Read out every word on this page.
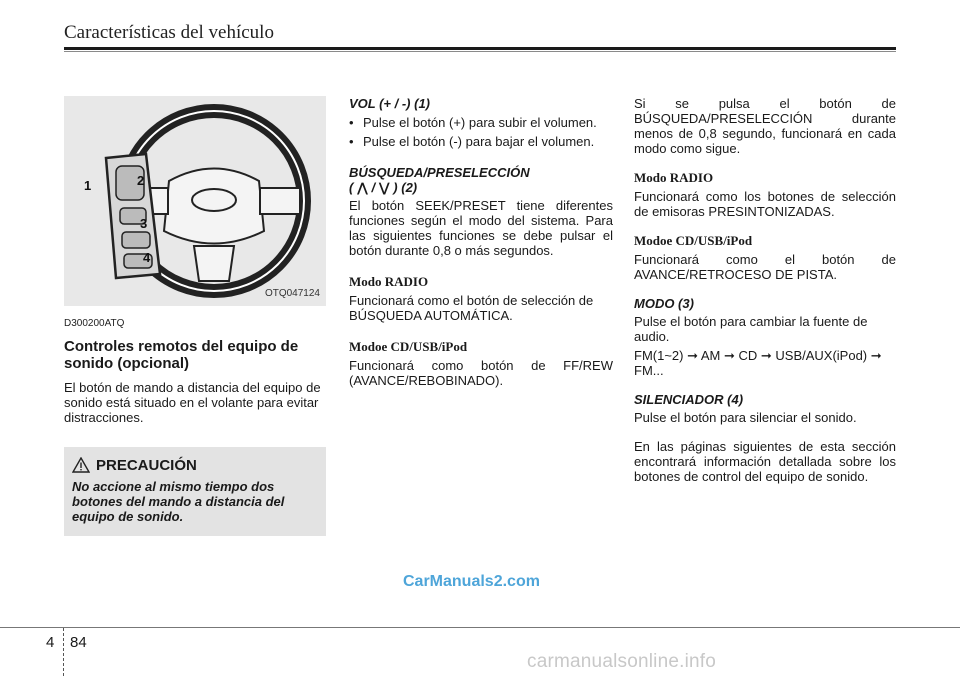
Características del vehículo
1	2
3
4
OTQ047124
D300200ATQ
Controles remotos del equipo de sonido (opcional)
El botón de mando a distancia del equipo de sonido está situado en el volante para evitar distracciones.
PRECAUCIÓN
No accione al mismo tiempo dos botones del mando a distancia del equipo de sonido.
VOL (+ / -) (1)
• Pulse el botón (+) para subir el volumen.
• Pulse el botón (-) para bajar el volumen.
BÚSQUEDA/PRESELECCIÓN
( ⋀ / ⋁ ) (2)
El botón SEEK/PRESET tiene diferentes funciones según el modo del sistema. Para las siguientes funciones se debe pulsar el botón durante 0,8 o más segundos.
Modo RADIO
Funcionará como el botón de selección de BÚSQUEDA AUTOMÁTICA.
Modoe CD/USB/iPod
Funcionará como botón de FF/REW (AVANCE/REBOBINADO).
Si se pulsa el botón de BÚSQUEDA/PRESELECCIÓN durante menos de 0,8 segundo, funcionará en cada modo como sigue.
Modo RADIO
Funcionará como los botones de selección de emisoras PRESINTONIZADAS.
Modoe CD/USB/iPod
Funcionará como el botón de AVANCE/RETROCESO DE PISTA.
MODO (3)
Pulse el botón para cambiar la fuente de audio.
FM(1~2) ➞ AM ➞ CD ➞ USB/AUX(iPod) ➞ FM...
SILENCIADOR (4)
Pulse el botón para silenciar el sonido.
En las páginas siguientes de esta sección encontrará información detallada sobre los botones de control del equipo de sonido.
CarManuals2.com
4 84
carmanualsonline.info
